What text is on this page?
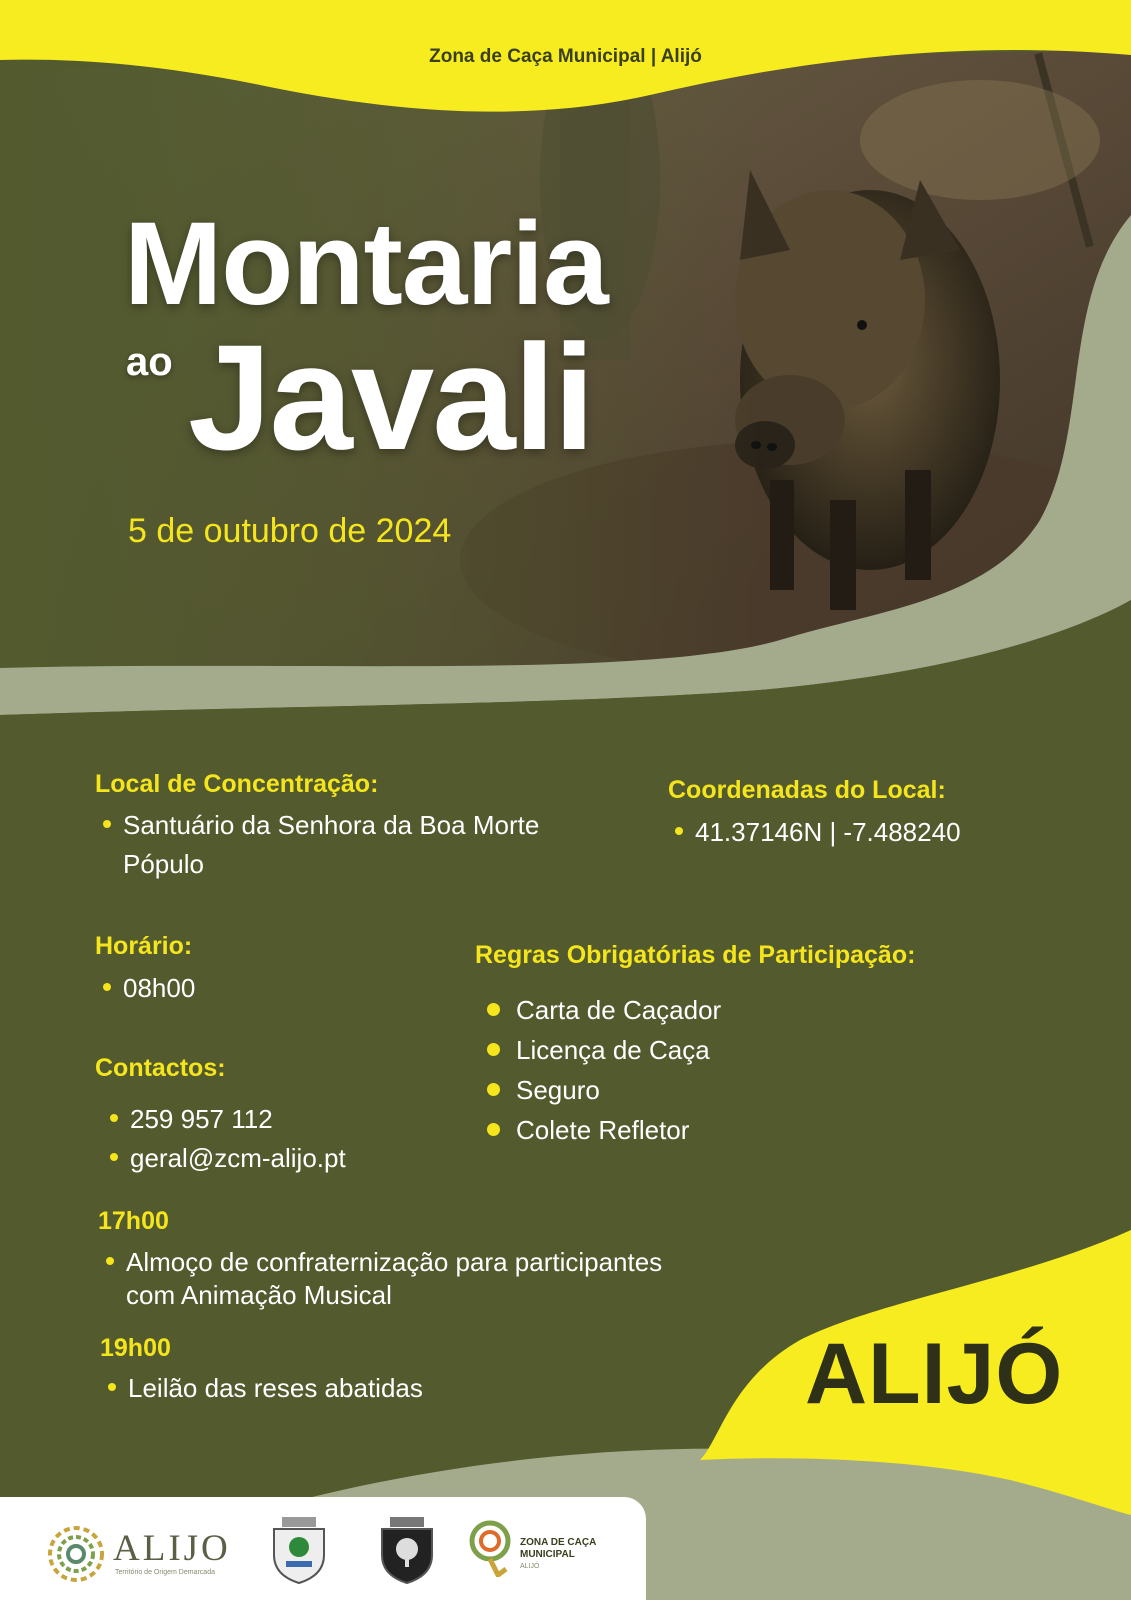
Zona de Caça Municipal | Alijó
Montaria
ao Javali
5 de outubro de 2024
Local de Concentração:
Santuário da Senhora da Boa Morte
Pópulo
Coordenadas do Local:
41.37146N | -7.488240
Horário:
08h00
Regras Obrigatórias de Participação:
Carta de Caçador
Licença de Caça
Seguro
Colete Refletor
Contactos:
259 957 112
geral@zcm-alijo.pt
17h00
Almoço de confraternização para participantes
com Animação Musical
19h00
Leilão das reses abatidas	ALIJÓ
ALIJO
Território de Origem Demarcada
ZONA DE CAÇA
MUNICIPAL
ALIJÓ
